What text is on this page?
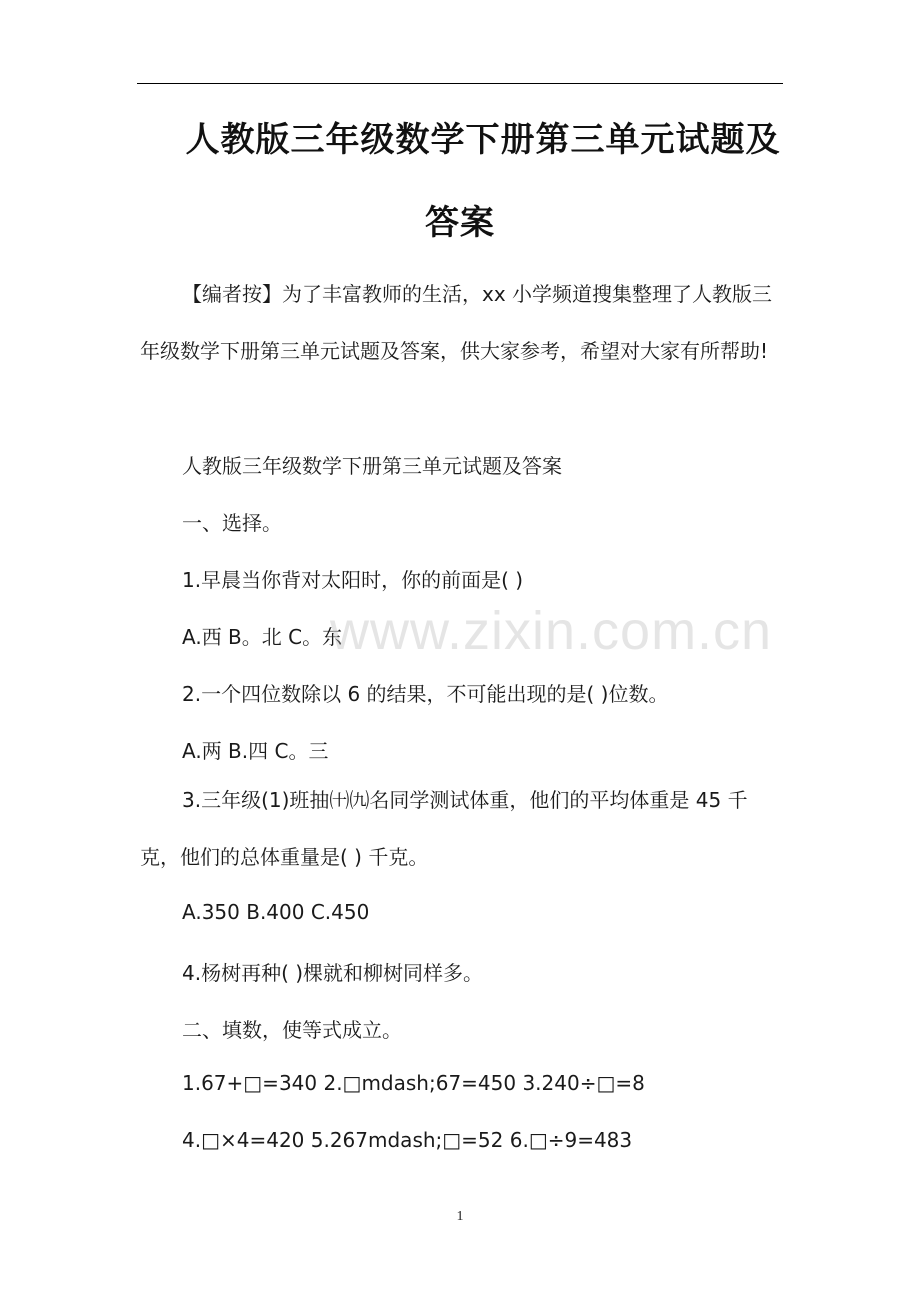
人教版三年级数学下册第三单元试题及
答案
【编者按】为了丰富教师的生活，xx 小学频道搜集整理了人教版三年级数学下册第三单元试题及答案，供大家参考，希望对大家有所帮助!
人教版三年级数学下册第三单元试题及答案
一、选择。
1.早晨当你背对太阳时，你的前面是( )
A.西 B。北 C。东
2.一个四位数除以 6 的结果，不可能出现的是( )位数。
A.两 B.四 C。三
3.三年级(1)班抽㈩㈨名同学测试体重，他们的平均体重是 45 千克，他们的总体重量是( ) 千克。
A.350 B.400 C.450
4.杨树再种( )棵就和柳树同样多。
二、填数，使等式成立。
1.67+□=340 2.□mdash;67=450 3.240÷□=8
4.□×4=420 5.267mdash;□=52 6.□÷9=483
www.zixin.com.cn
1
